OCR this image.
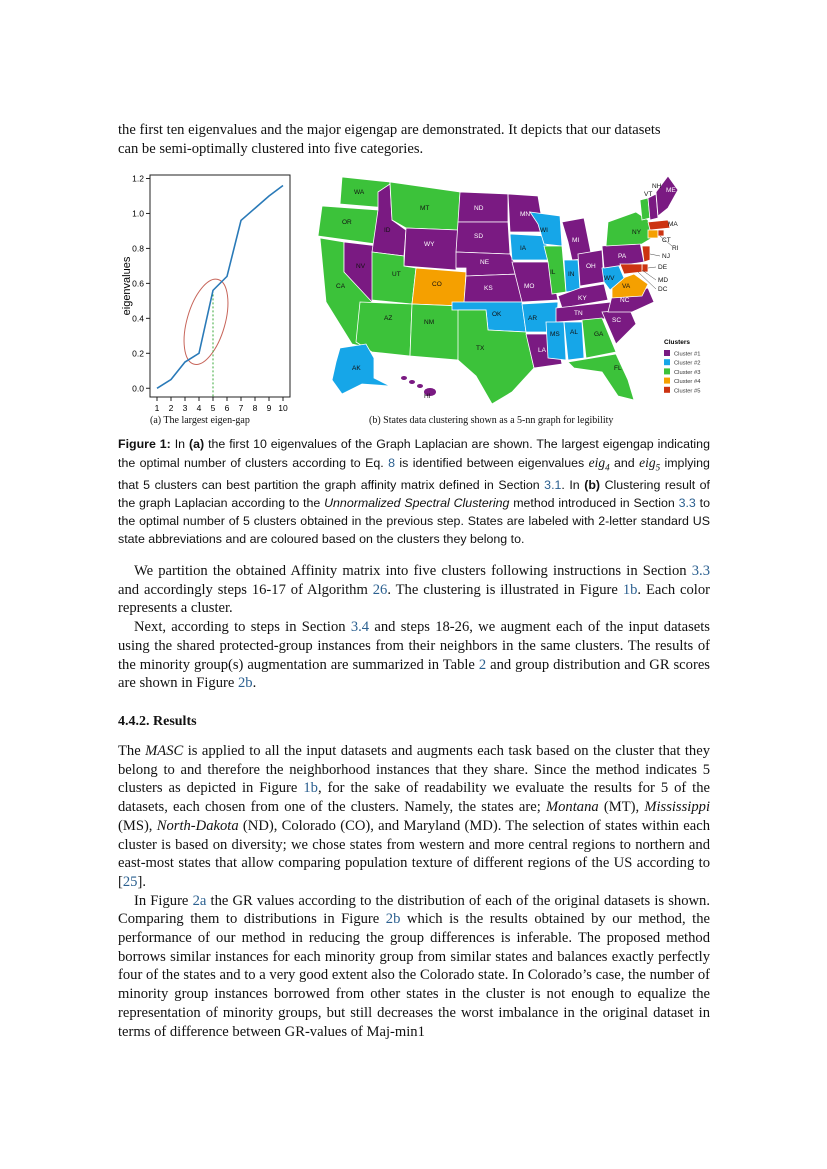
the first ten eigenvalues and the major eigengap are demonstrated. It depicts that our datasets

can be semi-optimally clustered into five categories.

0.0
0.2
0.4
0.6
0.8
1.0
1.2
1 2 3 4 5 6 7 8 9 10
eigenvalues
WA
OR
CA
NV
ID
MT
WY
UT
AZ
CO
NM
ND
SD
NE
KS
OK
TX
MN
IA
MO
AR
LA
WI
IL
MI
IN
OH
KY
TN
MS AL GA
FL
SC
NC
VA
WV
PA
NY
VT
NH
ME
MA
CT
RI
NJ
DE
MD
DC
AK
HI
Clusters
Cluster #1
Cluster #2
Cluster #3
Cluster #4
Cluster #5
(a) The largest eigen-gap	(b) States data clustering shown as a 5-nn graph for legibility

Figure 1: In (a) the first 10 eigenvalues of the Graph Laplacian are shown. The largest eigengap indicating the optimal number of clusters according to Eq. 8 is identified between eigenvalues eig$_4$ and eig$_5$ implying that 5 clusters can best partition the graph affinity matrix defined in Section 3.1. In (b) Clustering result of the graph Laplacian according to the Unnormalized Spectral Clustering method introduced in Section 3.3 to the optimal number of 5 clusters obtained in the previous step. States are labeled with 2-letter standard US state abbreviations and are coloured based on the clusters they belong to.

We partition the obtained Affinity matrix into five clusters following instructions in Section 3.3 and accordingly steps 16-17 of Algorithm 26. The clustering is illustrated in Figure 1b. Each color represents a cluster.

Next, according to steps in Section 3.4 and steps 18-26, we augment each of the input datasets using the shared protected-group instances from their neighbors in the same clusters. The results of the minority group(s) augmentation are summarized in Table 2 and group distribution and GR scores are shown in Figure 2b.

4.4.2. Results

The MASC is applied to all the input datasets and augments each task based on the cluster that they belong to and therefore the neighborhood instances that they share. Since the method indicates 5 clusters as depicted in Figure 1b, for the sake of readability we evaluate the results for 5 of the datasets, each chosen from one of the clusters. Namely, the states are; Montana (MT), Mississippi (MS), North-Dakota (ND), Colorado (CO), and Maryland (MD). The selection of states within each cluster is based on diversity; we chose states from western and more central regions to northern and east-most states that allow comparing population texture of different regions of the US according to [25].

In Figure 2a the GR values according to the distribution of each of the original datasets is shown. Comparing them to distributions in Figure 2b which is the results obtained by our method, the performance of our method in reducing the group differences is inferable. The proposed method borrows similar instances for each minority group from similar states and balances exactly perfectly four of the states and to a very good extent also the Colorado state. In Colorado’s case, the number of minority group instances borrowed from other states in the cluster is not enough to equalize the representation of minority groups, but still decreases the worst imbalance in the original dataset in terms of difference between GR-values of Maj-min1
